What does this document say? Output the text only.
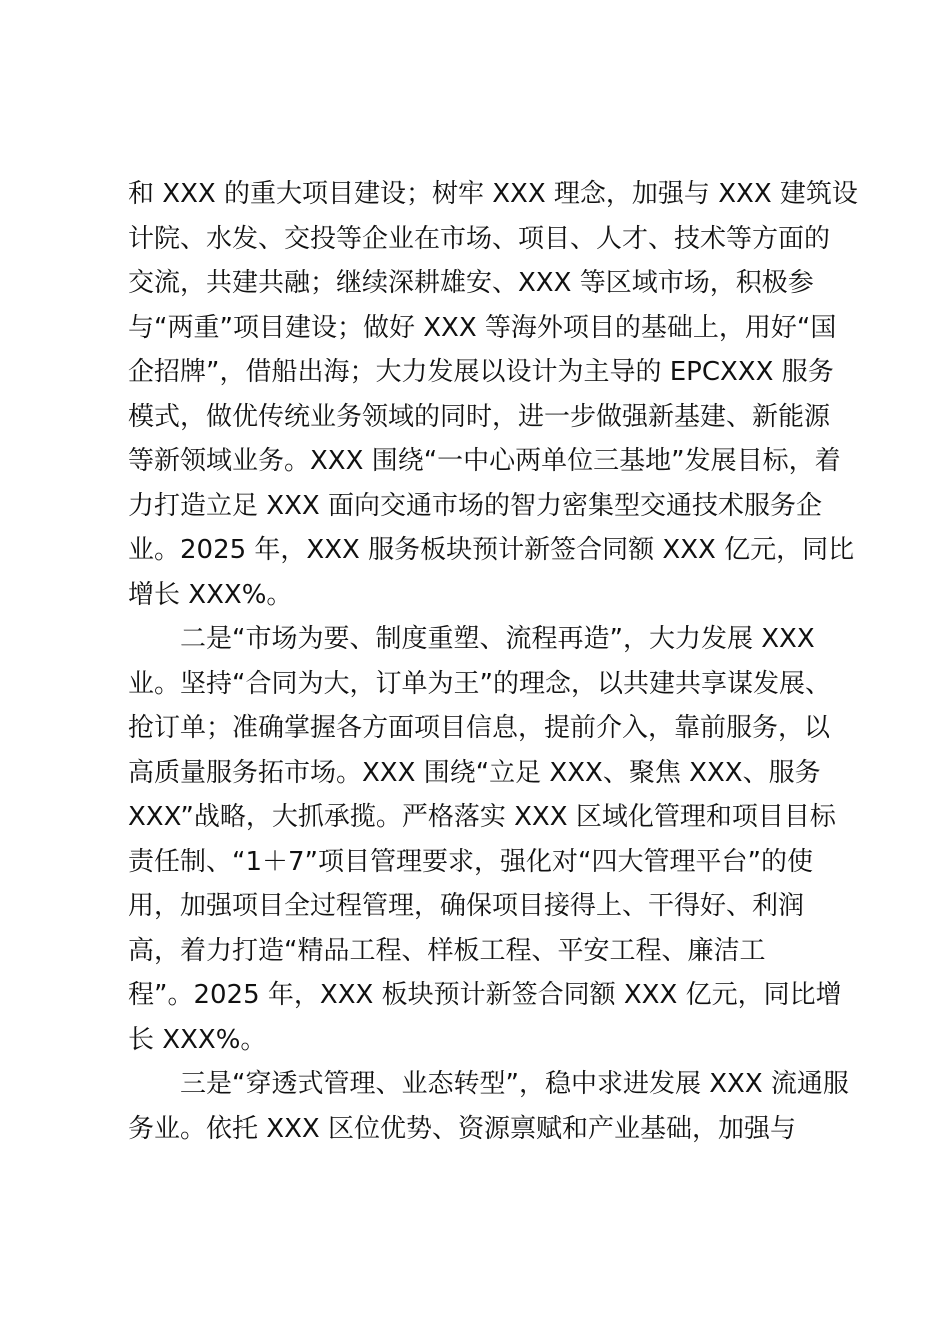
和 XXX 的重大项目建设；树牢 XXX 理念，加强与 XXX 建筑设
计院、水发、交投等企业在市场、项目、人才、技术等方面的
交流，共建共融；继续深耕雄安、XXX 等区域市场，积极参
与“两重”项目建设；做好 XXX 等海外项目的基础上，用好“国
企招牌”，借船出海；大力发展以设计为主导的 EPCXXX 服务
模式，做优传统业务领域的同时，进一步做强新基建、新能源
等新领域业务。XXX 围绕“一中心两单位三基地”发展目标，着
力打造立足 XXX 面向交通市场的智力密集型交通技术服务企
业。2025 年，XXX 服务板块预计新签合同额 XXX 亿元，同比
增长 XXX%。
二是“市场为要、制度重塑、流程再造”，大力发展 XXX
业。坚持“合同为大，订单为王”的理念，以共建共享谋发展、
抢订单；准确掌握各方面项目信息，提前介入，靠前服务，以
高质量服务拓市场。XXX 围绕“立足 XXX、聚焦 XXX、服务
XXX”战略，大抓承揽。严格落实 XXX 区域化管理和项目目标
责任制、“1＋7”项目管理要求，强化对“四大管理平台”的使
用，加强项目全过程管理，确保项目接得上、干得好、利润
高，着力打造“精品工程、样板工程、平安工程、廉洁工
程”。2025 年，XXX 板块预计新签合同额 XXX 亿元，同比增
长 XXX%。
三是“穿透式管理、业态转型”，稳中求进发展 XXX 流通服
务业。依托 XXX 区位优势、资源禀赋和产业基础，加强与
